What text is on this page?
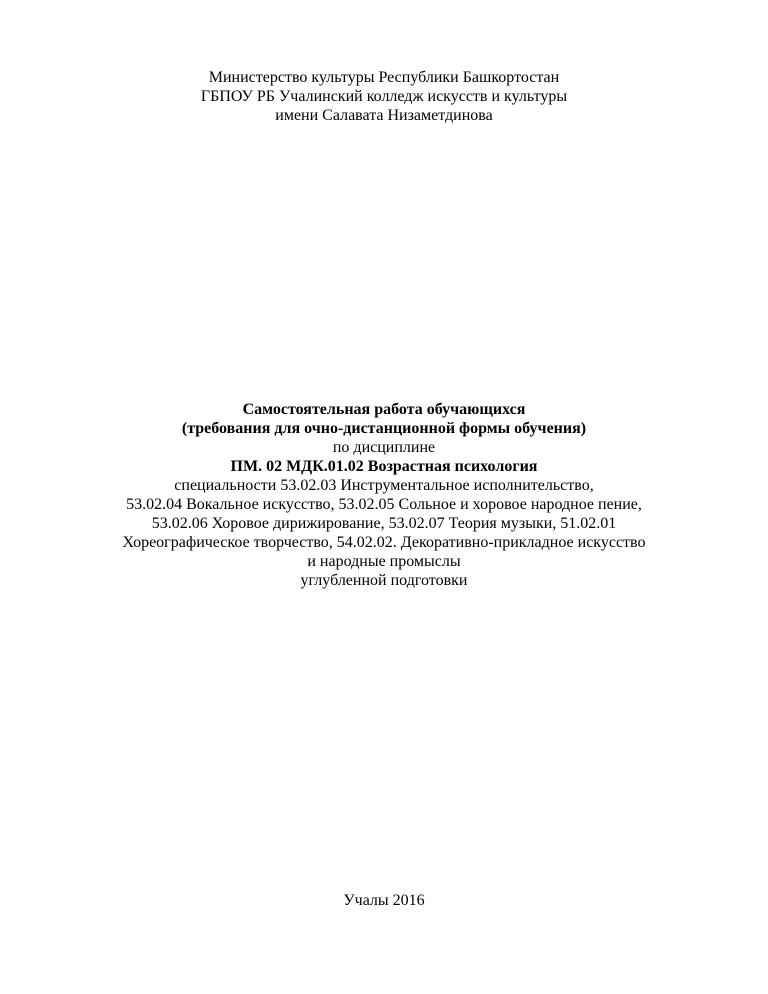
Министерство культуры Республики Башкортостан
ГБПОУ РБ Учалинский колледж искусств и культуры
имени Салавата Низаметдинова
Самостоятельная работа обучающихся
(требования для очно-дистанционной формы обучения)
по дисциплине
ПМ. 02 МДК.01.02 Возрастная психология
специальности 53.02.03 Инструментальное исполнительство,
53.02.04 Вокальное искусство, 53.02.05 Сольное и хоровое народное пение,
53.02.06 Хоровое дирижирование, 53.02.07 Теория музыки, 51.02.01
Хореографическое творчество, 54.02.02. Декоративно-прикладное искусство
и народные промыслы
углубленной подготовки
Учалы 2016
